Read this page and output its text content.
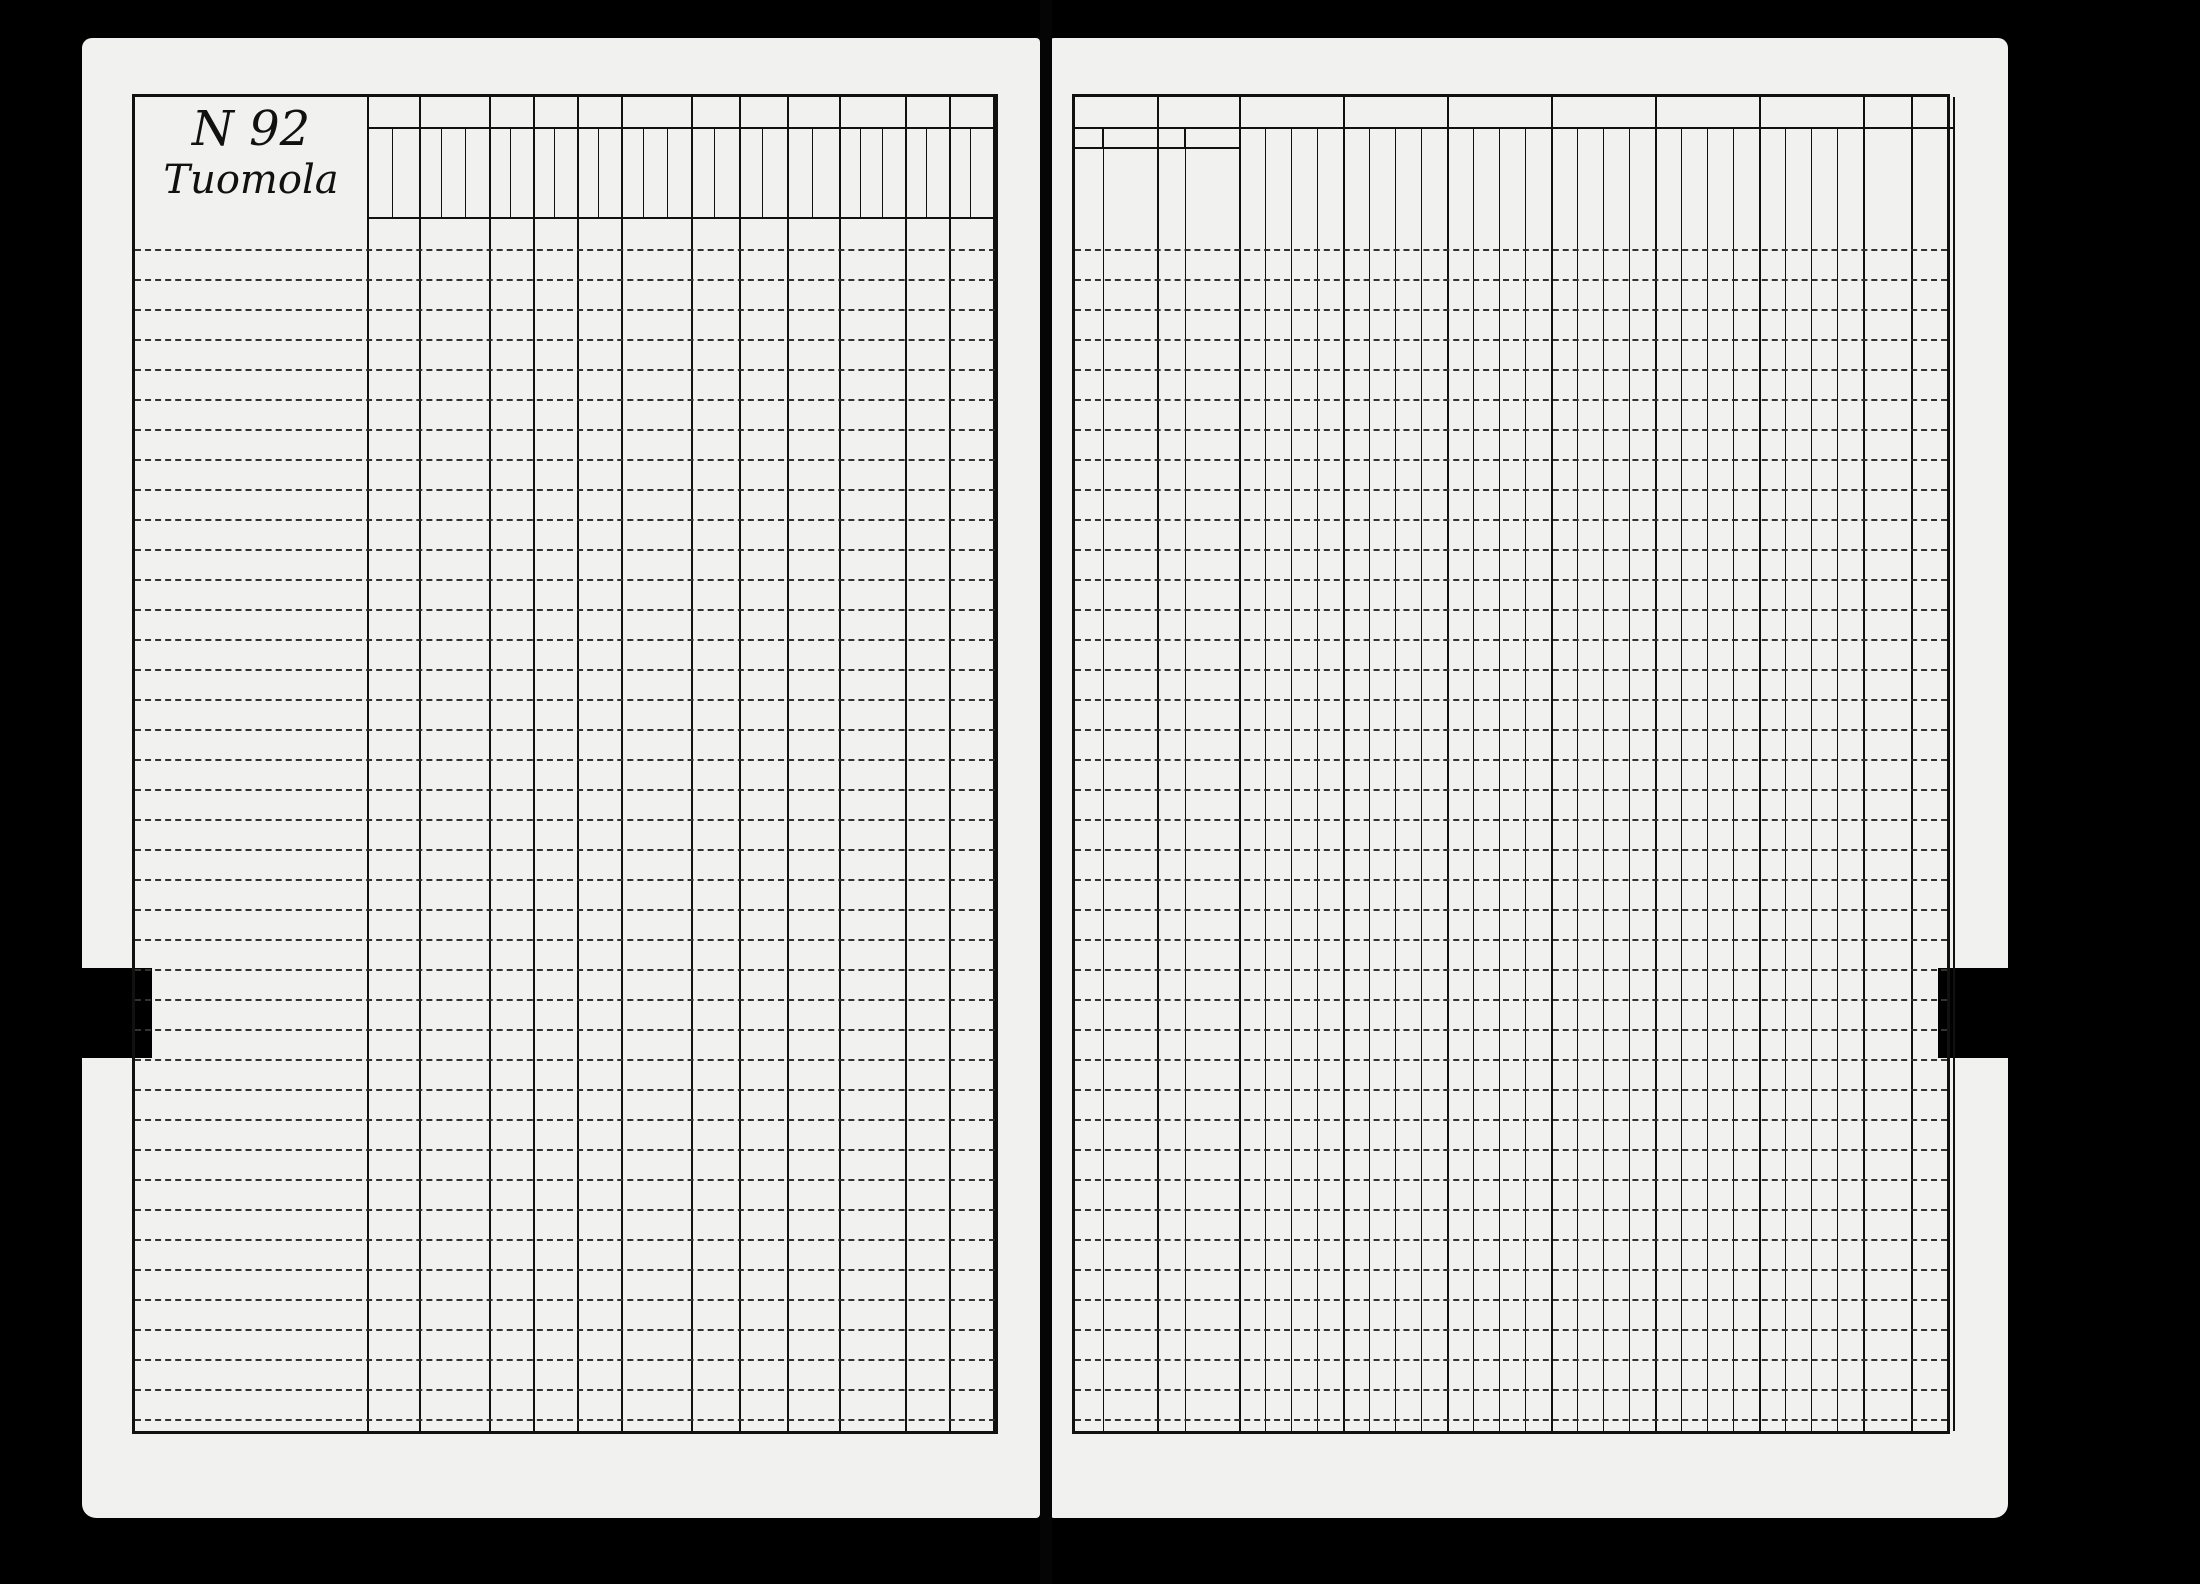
N 92
Tuomola
